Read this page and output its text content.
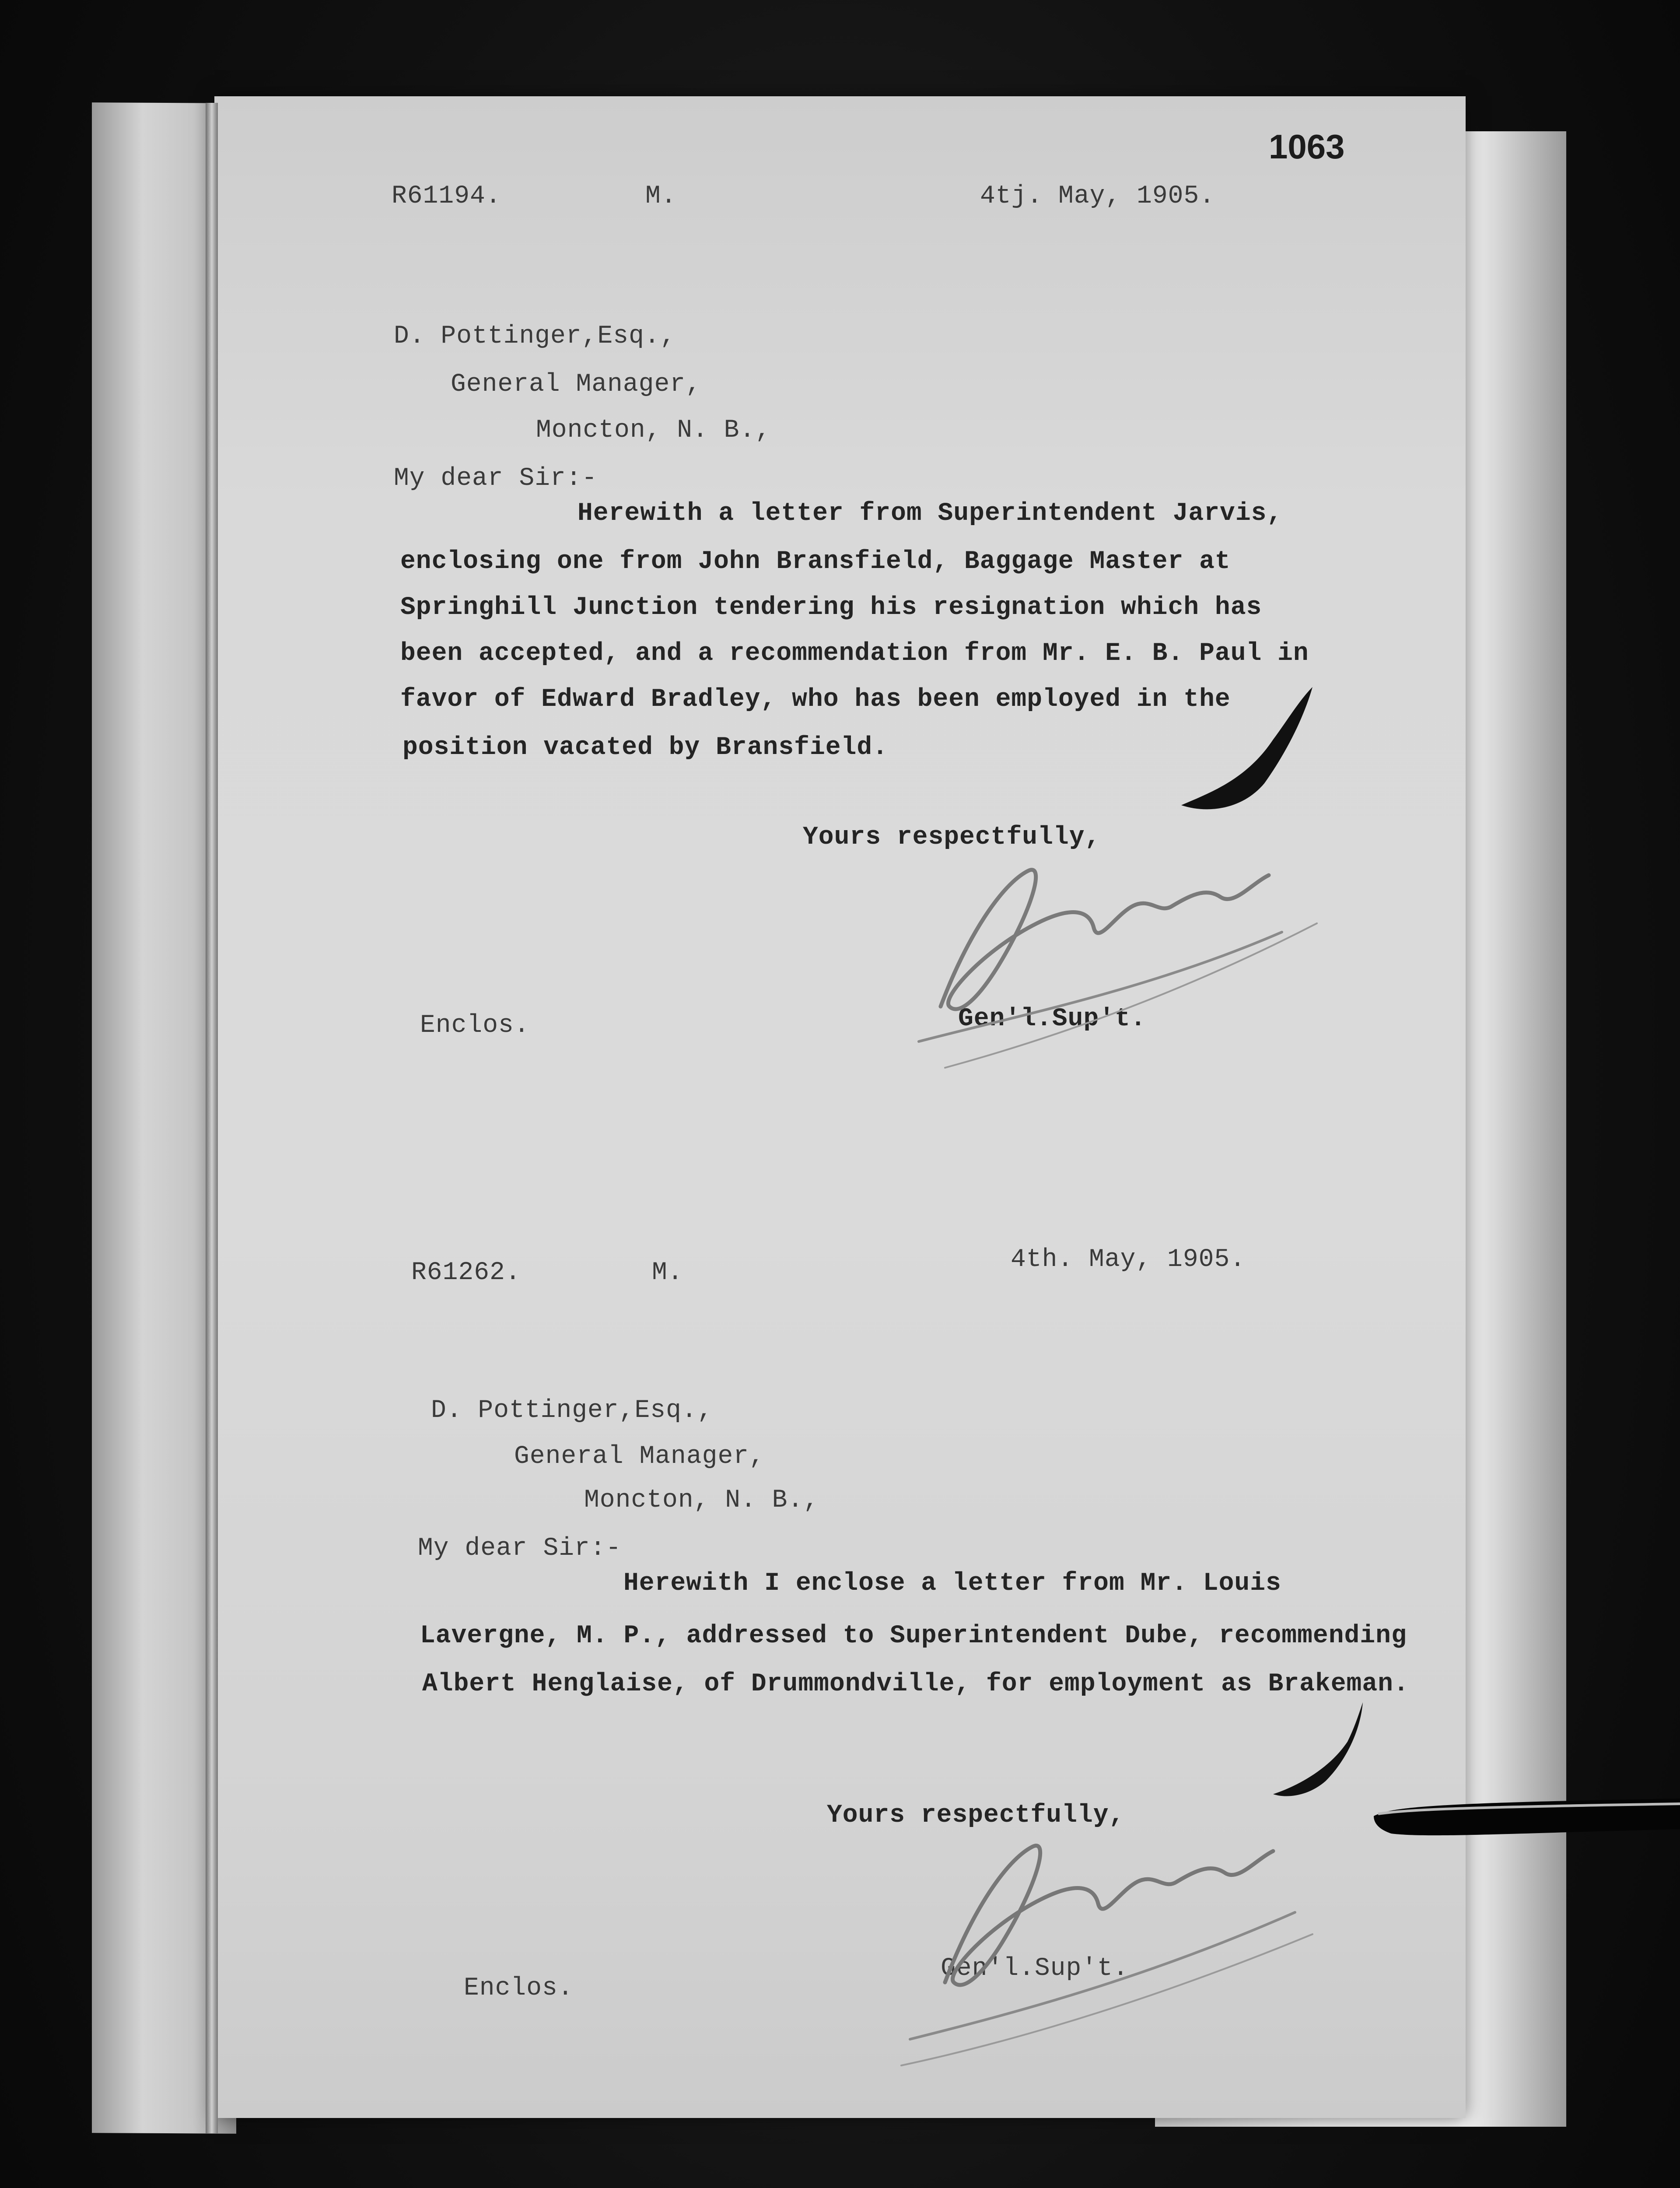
1063
R61194.	M.	4tj. May, 1905.
D. Pottinger,Esq.,
General Manager,
Moncton, N. B.,
My dear Sir:-
Herewith a letter from Superintendent Jarvis,
enclosing one from John Bransfield, Baggage Master at
Springhill Junction tendering his resignation which has
been accepted, and a recommendation from Mr. E. B. Paul in
favor of Edward Bradley, who has been employed in the
position vacated by Bransfield.
Yours respectfully,
Enclos.	Gen'l.Sup't.
R61262.	M.	4th. May, 1905.
D. Pottinger,Esq.,
General Manager,
Moncton, N. B.,
My dear Sir:-
Herewith I enclose a letter from Mr. Louis
Lavergne, M. P., addressed to Superintendent Dube, recommending
Albert Henglaise, of Drummondville, for employment as Brakeman.
Yours respectfully,
Enclos.
Gen'l.Sup't.
